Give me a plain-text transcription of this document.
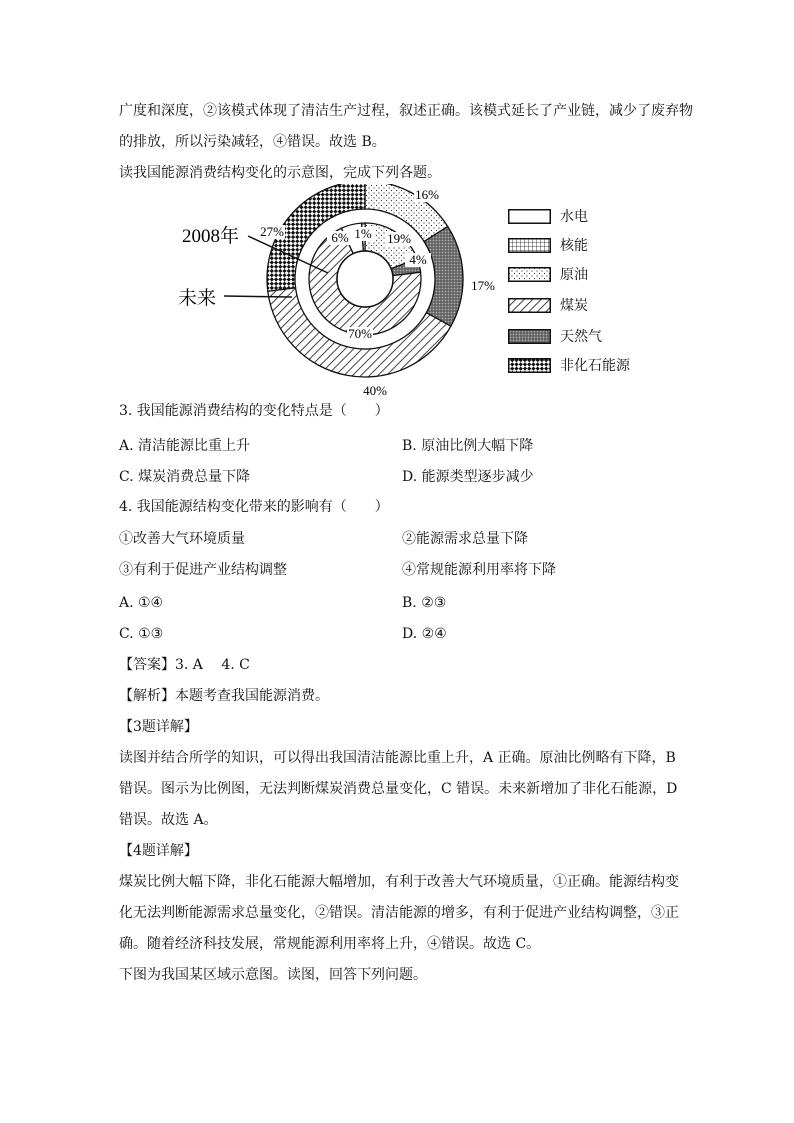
广度和深度，②该模式体现了清洁生产过程，叙述正确。该模式延长了产业链，减少了废弃物
的排放，所以污染减轻，④错误。故选 B。
读我国能源消费结构变化的示意图，完成下列各题。
6% 1% 19%
4%
70%
16%
17%
40%
27%
2008年
未来
水电
核能
原油
煤炭
天然气
非化石能源
3. 我国能源消费结构的变化特点是（　　）
A. 清洁能源比重上升	B. 原油比例大幅下降
C. 煤炭消费总量下降	D. 能源类型逐步减少
4. 我国能源结构变化带来的影响有（　　）
①改善大气环境质量	②能源需求总量下降
③有利于促进产业结构调整	④常规能源利用率将下降
A. ①④	B. ②③
C. ①③	D. ②④
【答案】3. A　 4. C
【解析】本题考查我国能源消费。
【3题详解】
读图并结合所学的知识，可以得出我国清洁能源比重上升，A 正确。原油比例略有下降，B
错误。图示为比例图，无法判断煤炭消费总量变化，C 错误。未来新增加了非化石能源，D
错误。故选 A。
【4题详解】
煤炭比例大幅下降，非化石能源大幅增加，有利于改善大气环境质量，①正确。能源结构变
化无法判断能源需求总量变化，②错误。清洁能源的增多，有利于促进产业结构调整，③正
确。随着经济科技发展，常规能源利用率将上升，④错误。故选 C。
下图为我国某区域示意图。读图，回答下列问题。
